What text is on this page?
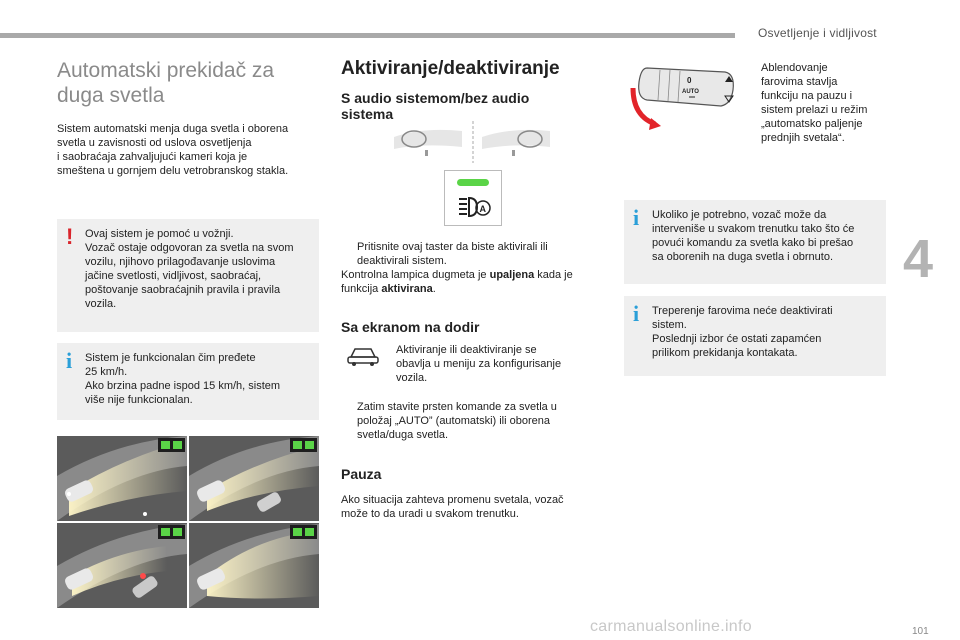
Osvetljenje i vidljivost
4
101
carmanualsonline.info
Automatski prekidač za
duga svetla
Sistem automatski menja duga svetla i oborena
svetla u zavisnosti od uslova osvetljenja
i saobraćaja zahvaljujući kameri koja je
smeštena u gornjem delu vetrobranskog stakla.
! Ovaj sistem je pomoć u vožnji.
Vozač ostaje odgovoran za svetla na svom
vozilu, njihovo prilagođavanje uslovima
jačine svetlosti, vidljivost, saobraćaj,
poštovanje saobraćajnih pravila i pravila
vozila.
i Sistem je funkcionalan čim pređete
25 km/h.
Ako brzina padne ispod 15 km/h, sistem
više nije funkcionalan.
Aktiviranje/deaktiviranje
S audio sistemom/bez audio
sistema
A
Pritisnite ovaj taster da biste aktivirali ili
deaktivirali sistem.
Kontrolna lampica dugmeta je upaljena kada je
funkcija aktivirana.
Sa ekranom na dodir
Aktiviranje ili deaktiviranje se
obavlja u meniju za konfigurisanje
vozila.
Zatim stavite prsten komande za svetla u
položaj „AUTO” (automatski) ili oborena
svetla/duga svetla.
Pauza
Ako situacija zahteva promenu svetala, vozač
može to da uradi u svakom trenutku.
0
AUTO
Ablendovanje
farovima stavlja
funkciju na pauzu i
sistem prelazi u režim
„automatsko paljenje
prednjih svetala“.
i Ukoliko je potrebno, vozač može da
interveniše u svakom trenutku tako što će
povući komandu za svetla kako bi prešao
sa oborenih na duga svetla i obrnuto.
i Treperenje farovima neće deaktivirati
sistem.
Poslednji izbor će ostati zapamćen
prilikom prekidanja kontakata.
